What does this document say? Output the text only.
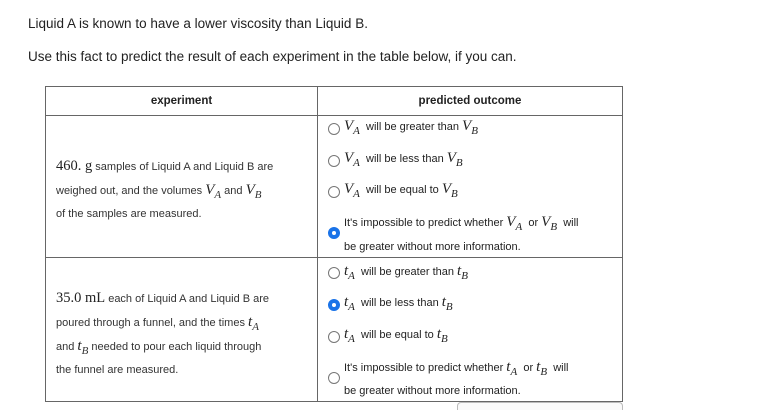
Liquid A is known to have a lower viscosity than Liquid B.
Use this fact to predict the result of each experiment in the table below, if you can.
experiment	predicted outcome
460. g samples of Liquid A and Liquid B are
weighed out, and the volumes VA and VB
of the samples are measured.
35.0 mL each of Liquid A and Liquid B are
poured through a funnel, and the times tA
and tB needed to pour each liquid through
the funnel are measured.
VA will be greater than VB
VA will be less than VB
VA will be equal to VB
It's impossible to predict whether VA or VB will
be greater without more information.
tA will be greater than tB
tA will be less than tB
tA will be equal to tB
It's impossible to predict whether tA or tB will
be greater without more information.
